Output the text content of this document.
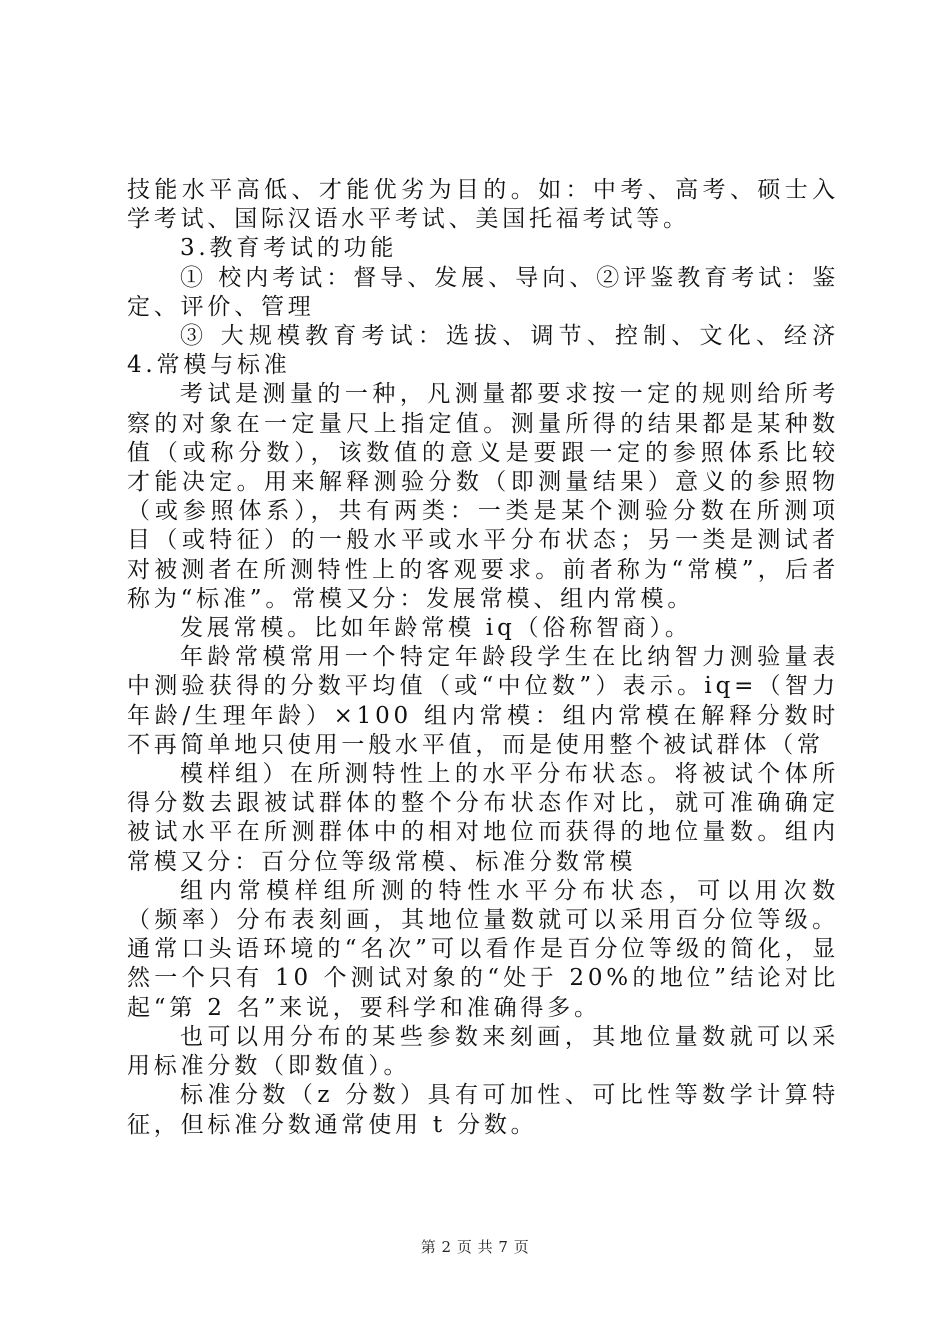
技能水平高低、才能优劣为目的。如：中考、高考、硕士入学考试、国际汉语水平考试、美国托福考试等。

3.教育考试的功能

① 校内考试：督导、发展、导向、②评鉴教育考试：鉴定、评价、管理

③ 大规模教育考试：选拔、调节、控制、文化、经济 4.常模与标准

考试是测量的一种，凡测量都要求按一定的规则给所考察的对象在一定量尺上指定值。测量所得的结果都是某种数值（或称分数），该数值的意义是要跟一定的参照体系比较才能决定。用来解释测验分数（即测量结果）意义的参照物（或参照体系），共有两类：一类是某个测验分数在所测项目（或特征）的一般水平或水平分布状态；另一类是测试者对被测者在所测特性上的客观要求。前者称为“常模”，后者称为“标准”。常模又分：发展常模、组内常模。

发展常模。比如年龄常模 iq（俗称智商）。

年龄常模常用一个特定年龄段学生在比纳智力测验量表中测验获得的分数平均值（或“中位数”）表示。iq=（智力年龄/生理年龄）×100 组内常模：组内常模在解释分数时不再简单地只使用一般水平值，而是使用整个被试群体（常

模样组）在所测特性上的水平分布状态。将被试个体所得分数去跟被试群体的整个分布状态作对比，就可准确确定被试水平在所测群体中的相对地位而获得的地位量数。组内常模又分：百分位等级常模、标准分数常模

组内常模样组所测的特性水平分布状态，可以用次数（频率）分布表刻画，其地位量数就可以采用百分位等级。通常口头语环境的“名次”可以看作是百分位等级的简化，显然一个只有 10 个测试对象的“处于 20%的地位”结论对比起“第 2 名”来说，要科学和准确得多。

也可以用分布的某些参数来刻画，其地位量数就可以采用标准分数（即数值）。

标准分数（z 分数）具有可加性、可比性等数学计算特征，但标准分数通常使用 t 分数。

第 2 页 共 7 页
